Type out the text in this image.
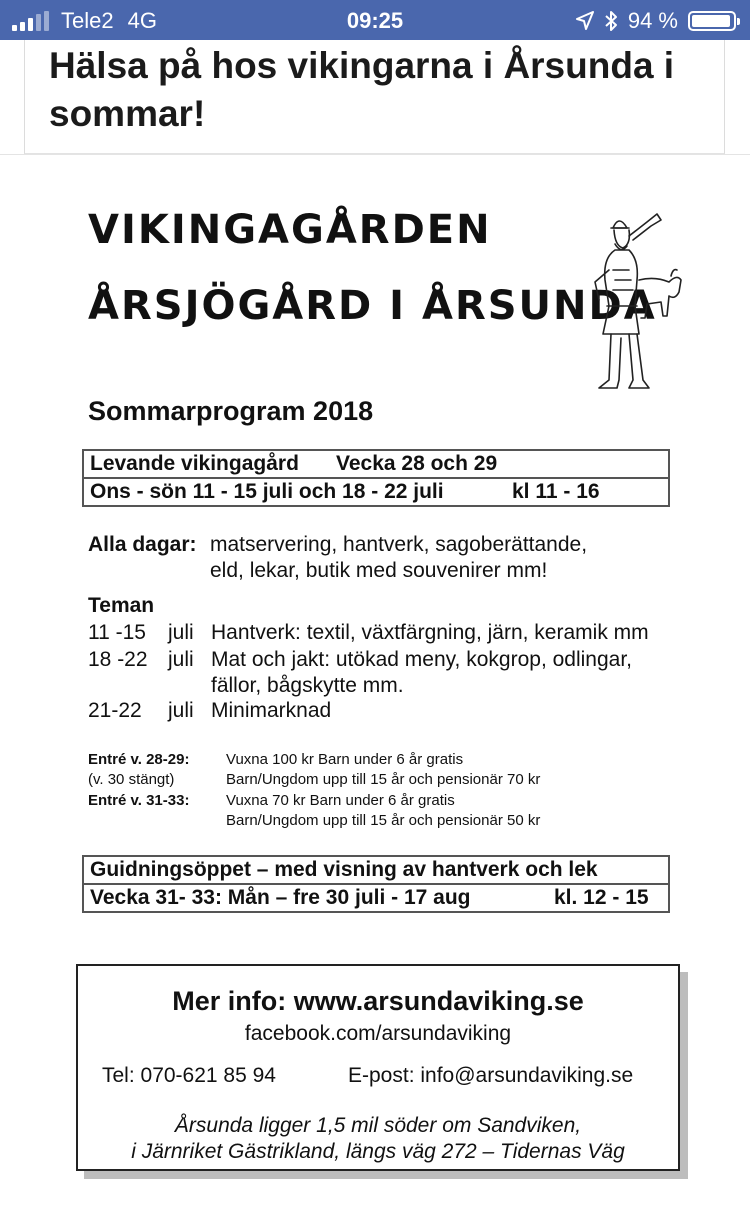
Tele2 4G	09:25	94 %
Hälsa på hos vikingarna i Årsunda i sommar!
VIKINGAGÅRDEN
ÅRSJÖGÅRD I ÅRSUNDA
Sommarprogram 2018
Levande vikingagård Vecka 28 och 29
Ons - sön 11 - 15 juli och 18 - 22 juli	kl 11 - 16
Alla dagar: matservering, hantverk, sagoberättande,
eld, lekar, butik med souvenirer mm!
Teman
11 -15 juli Hantverk: textil, växtfärgning, järn, keramik mm
18 -22 juli Mat och jakt: utökad meny, kokgrop, odlingar,
fällor, bågskytte mm.
21-22 juli Minimarknad
Entré v. 28-29: Vuxna 100 kr Barn under 6 år gratis
(v. 30 stängt)	Barn/Ungdom upp till 15 år och pensionär 70 kr
Entré v. 31-33: Vuxna 70 kr Barn under 6 år gratis
Barn/Ungdom upp till 15 år och pensionär 50 kr
Guidningsöppet – med visning av hantverk och lek
Vecka 31- 33: Mån – fre 30 juli - 17 aug	kl. 12 - 15
Mer info: www.arsundaviking.se
facebook.com/arsundaviking
Tel: 070-621 85 94	E-post: info@arsundaviking.se
Årsunda ligger 1,5 mil söder om Sandviken,
i Järnriket Gästrikland, längs väg 272 – Tidernas Väg
